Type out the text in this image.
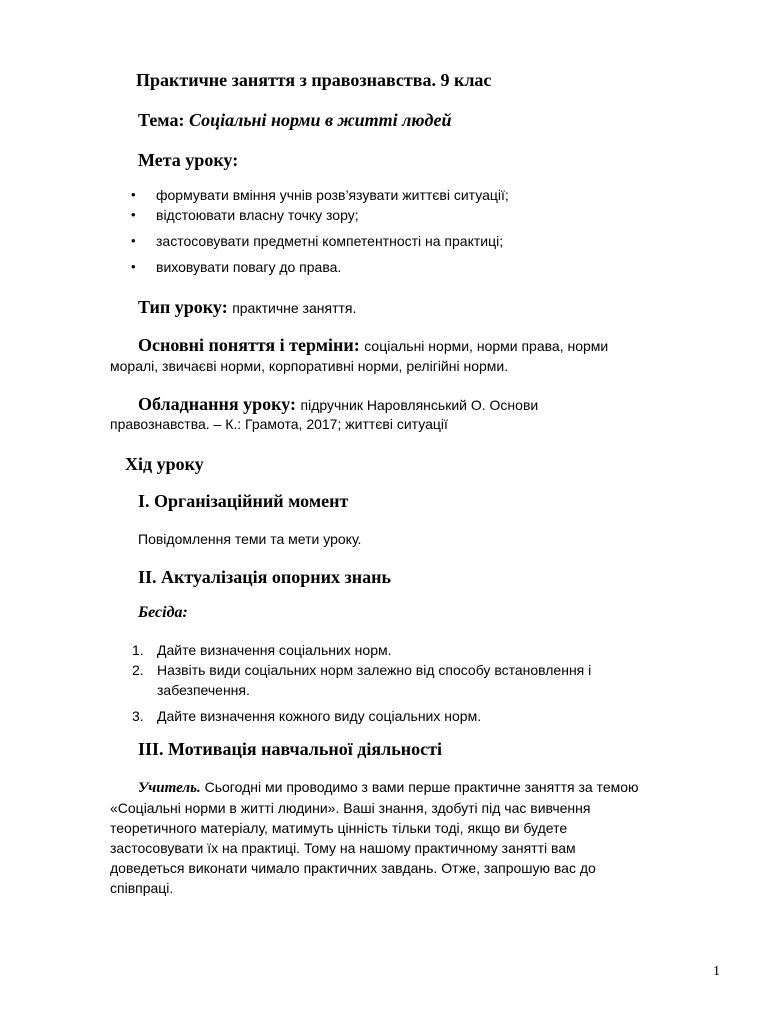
Практичне заняття з правознавства. 9 клас
Тема: Соціальні норми в житті людей
Мета уроку:
• формувати вміння учнів розв’язувати життєві ситуації;
• відстоювати власну точку зору;
• застосовувати предметні компетентності на практиці;
• виховувати повагу до права.
Тип уроку: практичне заняття.
Основні поняття і терміни: соціальні норми, норми права, норми
моралі, звичаєві норми, корпоративні норми, релігійні норми.
Обладнання уроку: підручник Наровлянський О. Основи
правознавства. – К.: Грамота, 2017; життєві ситуації
Хід уроку
І. Організаційний момент
Повідомлення теми та мети уроку.
ІІ. Актуалізація опорних знань
Бесіда:
1. Дайте визначення соціальних норм.
2. Назвіть види соціальних норм залежно від способу встановлення і
забезпечення.
3. Дайте визначення кожного виду соціальних норм.
ІІІ. Мотивація навчальної діяльності
Учитель. Сьогодні ми проводимо з вами перше практичне заняття за темою
«Соціальні норми в житті людини». Ваші знання, здобуті під час вивчення
теоретичного матеріалу, матимуть цінність тільки тоді, якщо ви будете
застосовувати їх на практиці. Тому на нашому практичному занятті вам
доведеться виконати чимало практичних завдань. Отже, запрошую вас до
співпраці.
1
